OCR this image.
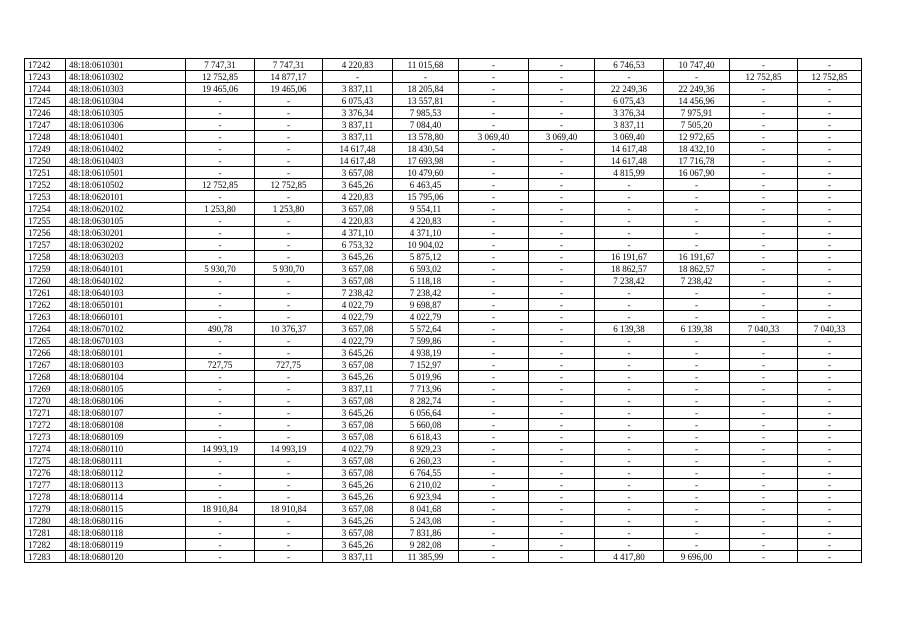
17242	48:18:0610301	7 747,31	7 747,31	4 220,83	11 015,68	-	-	6 746,53	10 747,40	-	-
17243	48:18:0610302	12 752,85	14 877,17	-	-	-	-	-	-	12 752,85	12 752,85
17244	48:18:0610303	19 465,06	19 465,06	3 837,11	18 205,84	-	-	22 249,36	22 249,36	-	-
17245	48:18:0610304	-	-	6 075,43	13 557,81	-	-	6 075,43	14 456,96	-	-
17246	48:18:0610305	-	-	3 376,34	7 985,53	-	-	3 376,34	7 975,91	-	-
17247	48:18:0610306	-	-	3 837,11	7 084,40	-	-	3 837,11	7 505,20	-	-
17248	48:18:0610401	-	-	3 837,11	13 578,80	3 069,40	3 069,40	3 069,40	12 972,65	-	-
17249	48:18:0610402	-	-	14 617,48	18 430,54	-	-	14 617,48	18 432,10	-	-
17250	48:18:0610403	-	-	14 617,48	17 693,98	-	-	14 617,48	17 716,78	-	-
17251	48:18:0610501	-	-	3 657,08	10 479,60	-	-	4 815,99	16 067,90	-	-
17252	48:18:0610502	12 752,85	12 752,85	3 645,26	6 463,45	-	-	-	-	-	-
17253	48:18:0620101	-	-	4 220,83	15 795,06	-	-	-	-	-	-
17254	48:18:0620102	1 253,80	1 253,80	3 657,08	9 554,11	-	-	-	-	-	-
17255	48:18:0630105	-	-	4 220,83	4 220,83	-	-	-	-	-	-
17256	48:18:0630201	-	-	4 371,10	4 371,10	-	-	-	-	-	-
17257	48:18:0630202	-	-	6 753,32	10 904,02	-	-	-	-	-	-
17258	48:18:0630203	-	-	3 645,26	5 875,12	-	-	16 191,67	16 191,67	-	-
17259	48:18:0640101	5 930,70	5 930,70	3 657,08	6 593,02	-	-	18 862,57	18 862,57	-	-
17260	48:18:0640102	-	-	3 657,08	5 118,18	-	-	7 238,42	7 238,42	-	-
17261	48:18:0640103	-	-	7 238,42	7 238,42	-	-	-	-	-	-
17262	48:18:0650101	-	-	4 022,79	9 698,87	-	-	-	-	-	-
17263	48:18:0660101	-	-	4 022,79	4 022,79	-	-	-	-	-	-
17264	48:18:0670102	490,78	10 376,37	3 657,08	5 572,64	-	-	6 139,38	6 139,38	7 040,33	7 040,33
17265	48:18:0670103	-	-	4 022,79	7 599,86	-	-	-	-	-	-
17266	48:18:0680101	-	-	3 645,26	4 938,19	-	-	-	-	-	-
17267	48:18:0680103	727,75	727,75	3 657,08	7 152,97	-	-	-	-	-	-
17268	48:18:0680104	-	-	3 645,26	5 019,96	-	-	-	-	-	-
17269	48:18:0680105	-	-	3 837,11	7 713,96	-	-	-	-	-	-
17270	48:18:0680106	-	-	3 657,08	8 282,74	-	-	-	-	-	-
17271	48:18:0680107	-	-	3 645,26	6 056,64	-	-	-	-	-	-
17272	48:18:0680108	-	-	3 657,08	5 660,08	-	-	-	-	-	-
17273	48:18:0680109	-	-	3 657,08	6 618,43	-	-	-	-	-	-
17274	48:18:0680110	14 993,19	14 993,19	4 022,79	8 929,23	-	-	-	-	-	-
17275	48:18:0680111	-	-	3 657,08	6 260,23	-	-	-	-	-	-
17276	48:18:0680112	-	-	3 657,08	6 764,55	-	-	-	-	-	-
17277	48:18:0680113	-	-	3 645,26	6 210,02	-	-	-	-	-	-
17278	48:18:0680114	-	-	3 645,26	6 923,94	-	-	-	-	-	-
17279	48:18:0680115	18 910,84	18 910,84	3 657,08	8 041,68	-	-	-	-	-	-
17280	48:18:0680116	-	-	3 645,26	5 243,08	-	-	-	-	-	-
17281	48:18:0680118	-	-	3 657,08	7 831,86	-	-	-	-	-	-
17282	48:18:0680119	-	-	3 645,26	9 282,08	-	-	-	-	-	-
17283	48:18:0680120	-	-	3 837,11	11 385,99	-	-	4 417,80	9 696,00	-	-
